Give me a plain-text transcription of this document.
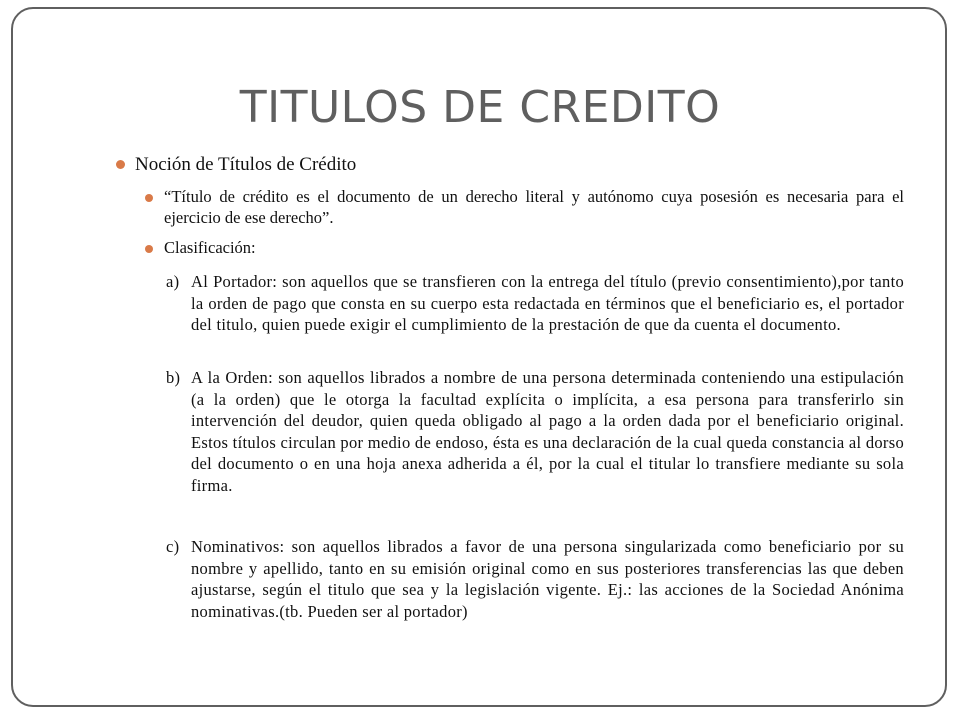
TITULOS DE CREDITO
Noción de Títulos de Crédito
“Título de crédito es el documento de un derecho literal y autónomo cuya posesión es necesaria para el ejercicio de ese derecho”.
Clasificación:
a) Al Portador: son aquellos que se transfieren con la entrega del título (previo consentimiento),por tanto la orden de pago que consta en su cuerpo esta redactada en términos que el beneficiario es, el portador del titulo, quien puede exigir el cumplimiento de la prestación de que da cuenta el documento.
b) A la Orden: son aquellos librados a nombre de una persona determinada conteniendo una estipulación (a la orden) que le otorga la facultad explícita o implícita, a esa persona para transferirlo sin intervención del deudor, quien queda obligado al pago a la orden dada por el beneficiario original. Estos títulos circulan por medio de endoso, ésta es una declaración de la cual queda constancia al dorso del documento o en una hoja anexa adherida a él, por la cual el titular lo transfiere mediante su sola firma.
c) Nominativos: son aquellos librados a favor de una persona singularizada como beneficiario por su nombre y apellido, tanto en su emisión original como en sus posteriores transferencias las que deben ajustarse, según el titulo que sea y la legislación vigente. Ej.: las acciones de la Sociedad Anónima nominativas.(tb. Pueden ser al portador)
